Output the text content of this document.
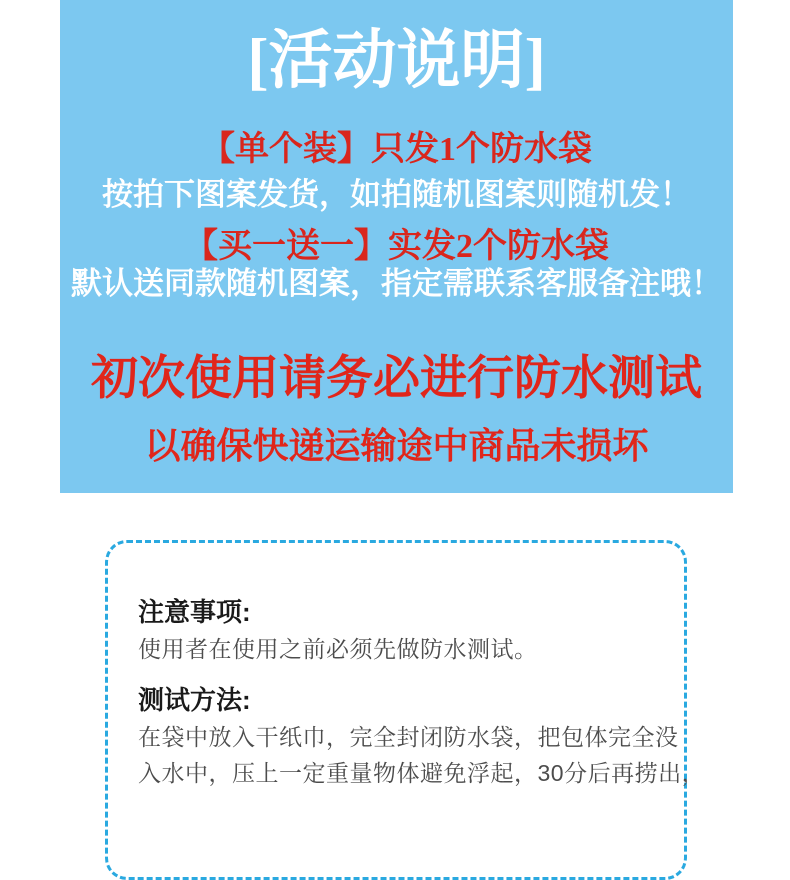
[活动说明]
【单个装】只发1个防水袋
按拍下图案发货，如拍随机图案则随机发！
【买一送一】实发2个防水袋
默认送同款随机图案，指定需联系客服备注哦！
初次使用请务必进行防水测试
以确保快递运输途中商品未损坏
注意事项:
使用者在使用之前必须先做防水测试。
测试方法:
在袋中放入干纸巾，完全封闭防水袋，把包体完全没
入水中，压上一定重量物体避免浮起，30分后再捞出，
